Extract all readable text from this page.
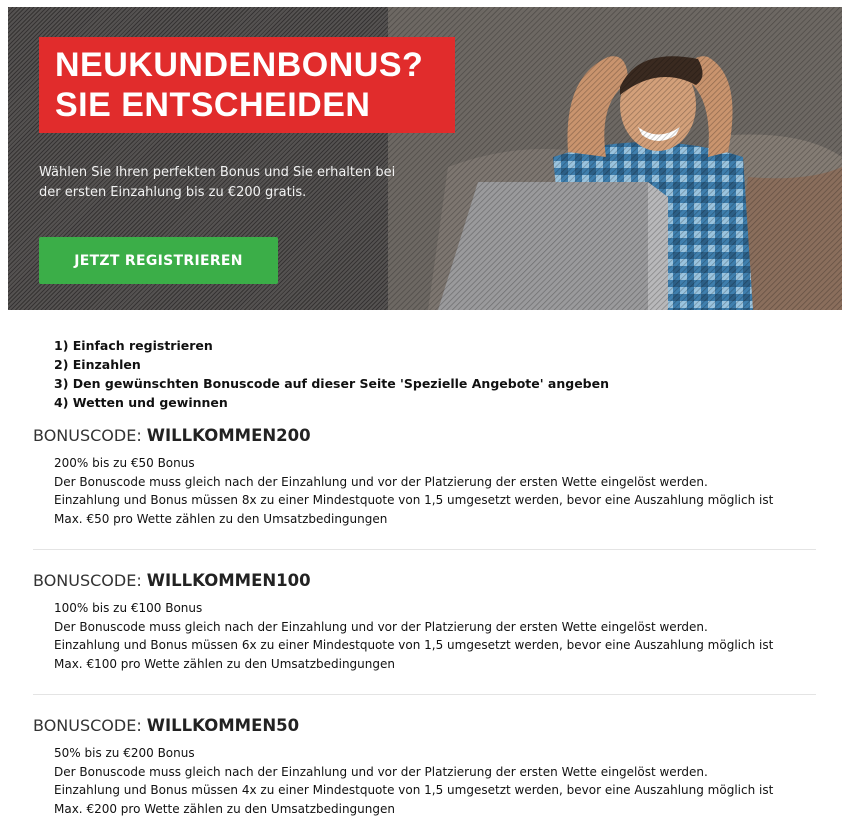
NEUKUNDENBONUS?
SIE ENTSCHEIDEN
Wählen Sie Ihren perfekten Bonus und Sie erhalten bei der ersten Einzahlung bis zu €200 gratis.
JETZT REGISTRIEREN
1) Einfach registrieren
2) Einzahlen
3) Den gewünschten Bonuscode auf dieser Seite 'Spezielle Angebote' angeben
4) Wetten und gewinnen
BONUSCODE: WILLKOMMEN200
200% bis zu €50 Bonus
Der Bonuscode muss gleich nach der Einzahlung und vor der Platzierung der ersten Wette eingelöst werden.
Einzahlung und Bonus müssen 8x zu einer Mindestquote von 1,5 umgesetzt werden, bevor eine Auszahlung möglich ist
Max. €50 pro Wette zählen zu den Umsatzbedingungen
BONUSCODE: WILLKOMMEN100
100% bis zu €100 Bonus
Der Bonuscode muss gleich nach der Einzahlung und vor der Platzierung der ersten Wette eingelöst werden.
Einzahlung und Bonus müssen 6x zu einer Mindestquote von 1,5 umgesetzt werden, bevor eine Auszahlung möglich ist
Max. €100 pro Wette zählen zu den Umsatzbedingungen
BONUSCODE: WILLKOMMEN50
50% bis zu €200 Bonus
Der Bonuscode muss gleich nach der Einzahlung und vor der Platzierung der ersten Wette eingelöst werden.
Einzahlung und Bonus müssen 4x zu einer Mindestquote von 1,5 umgesetzt werden, bevor eine Auszahlung möglich ist
Max. €200 pro Wette zählen zu den Umsatzbedingungen
